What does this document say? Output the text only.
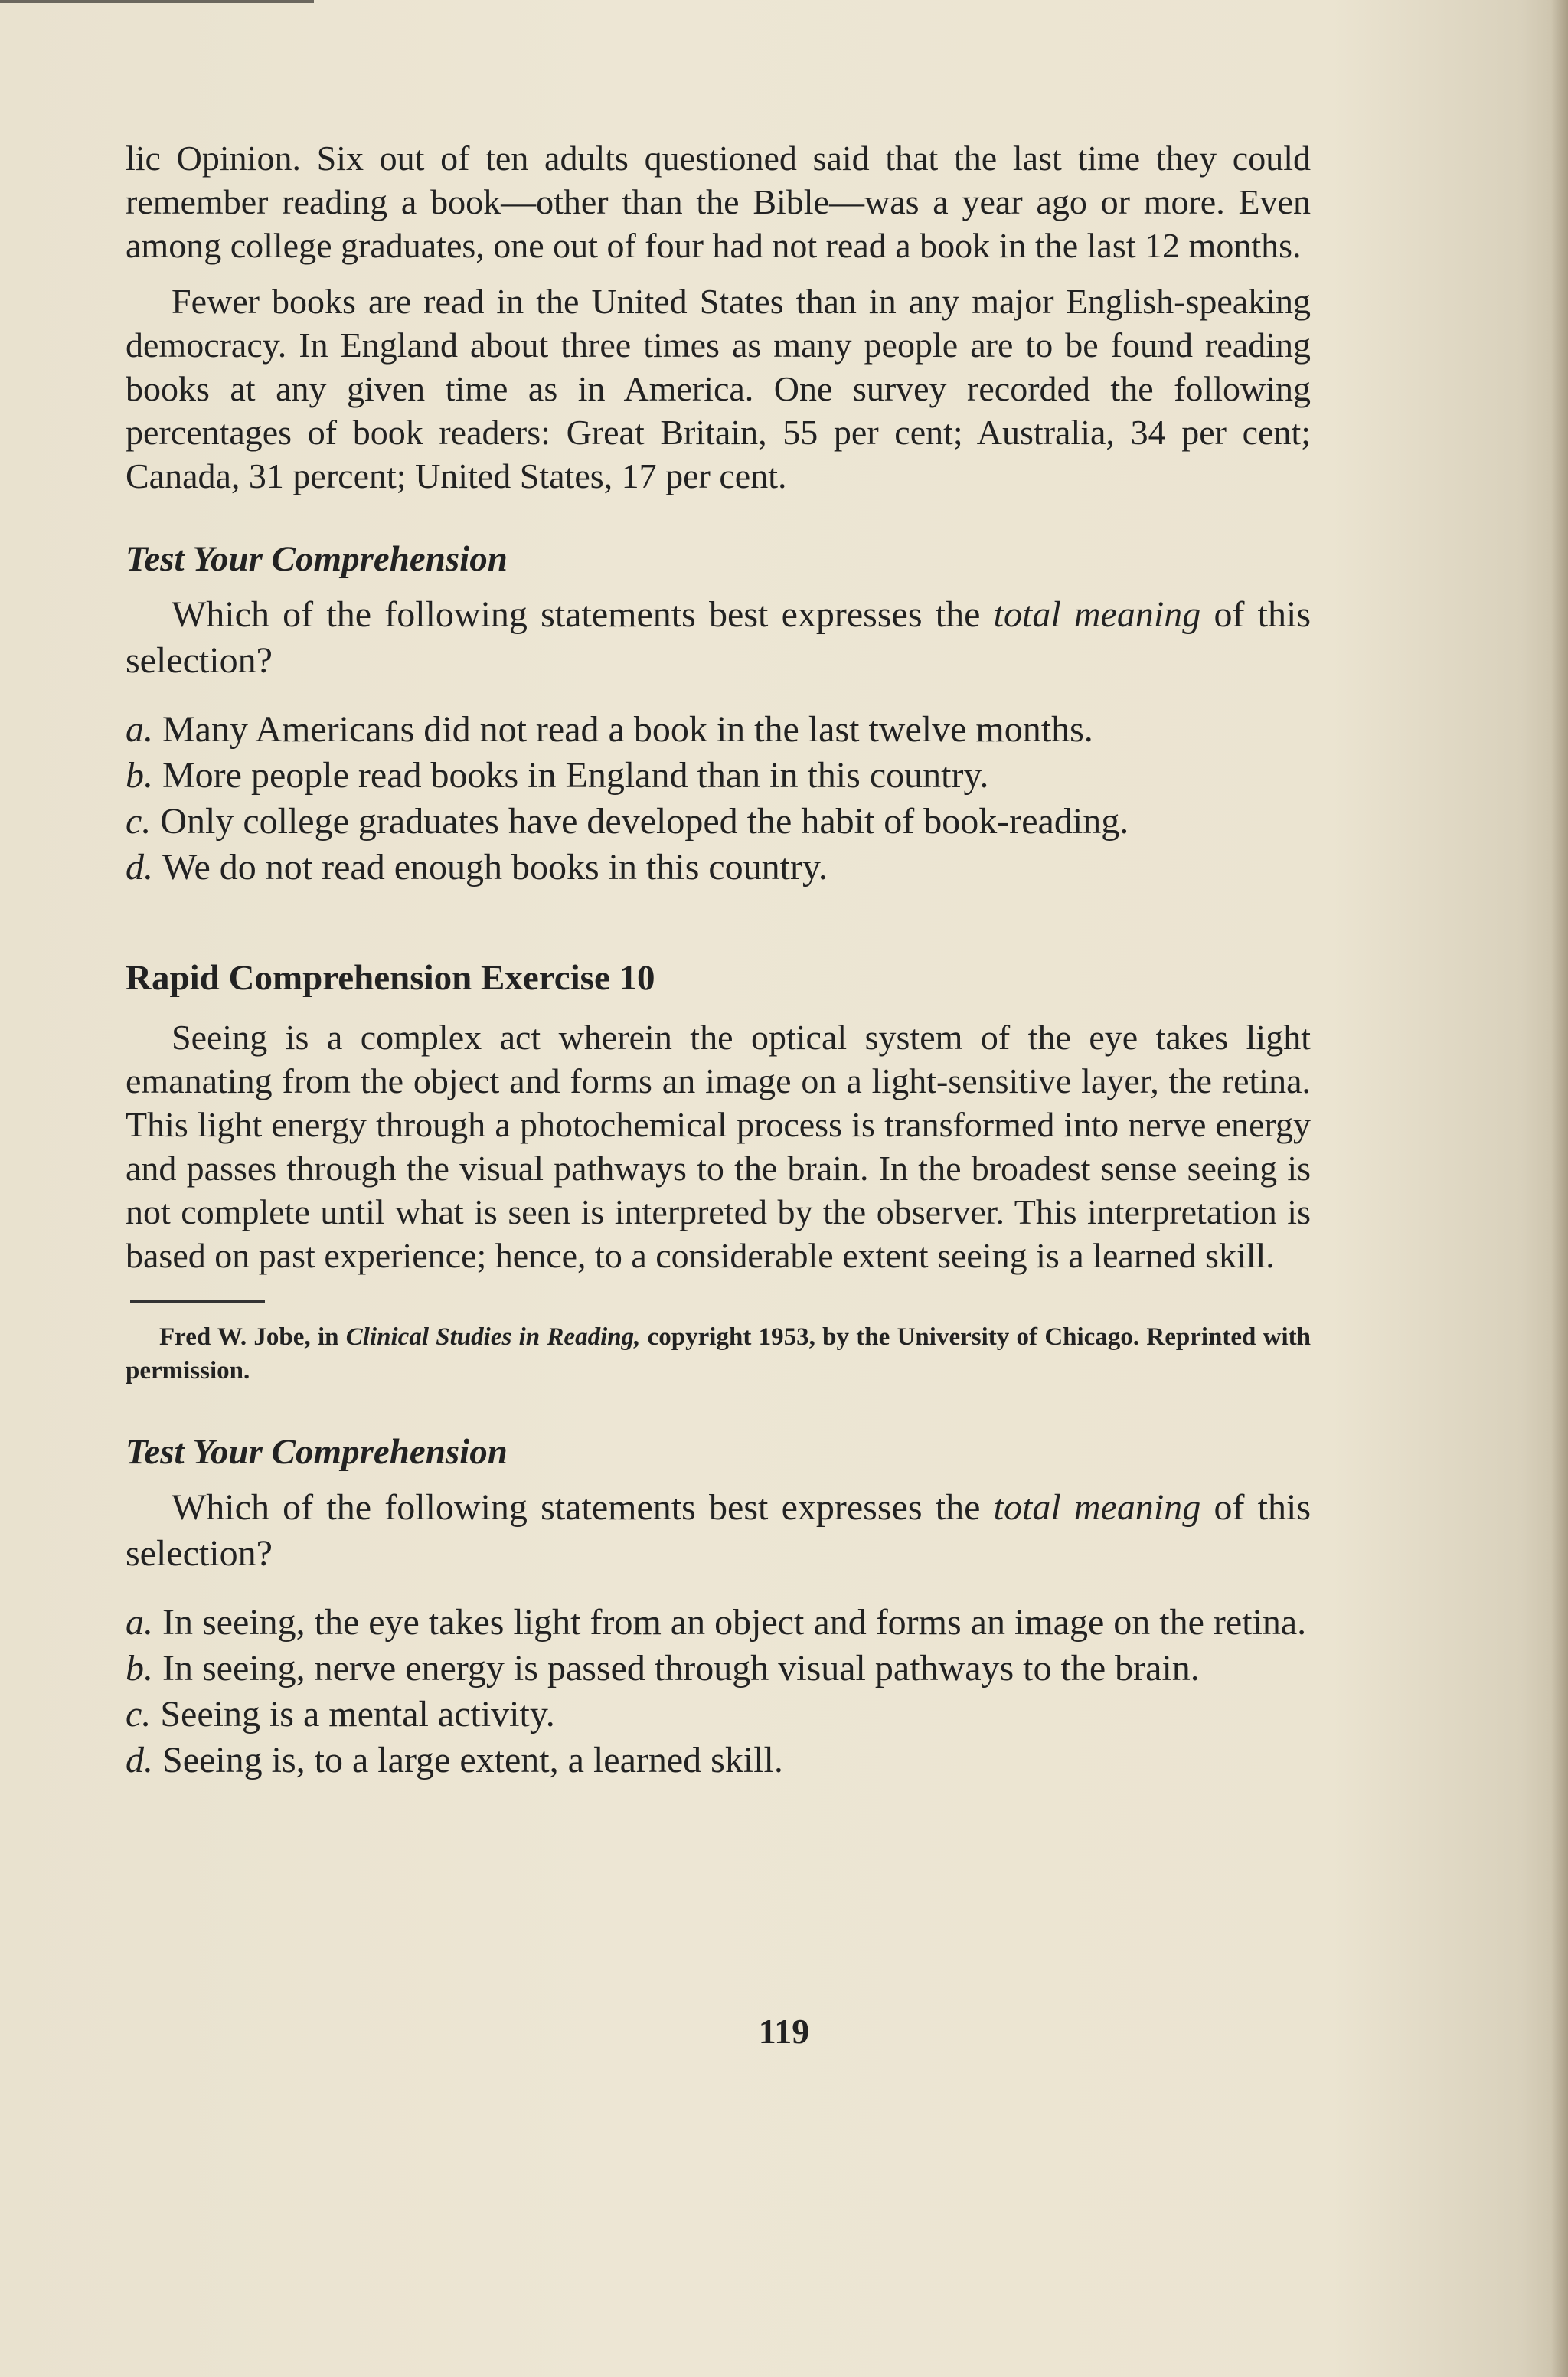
lic Opinion. Six out of ten adults questioned said that the last time they could remember reading a book—other than the Bible—was a year ago or more. Even among college graduates, one out of four had not read a book in the last 12 months.

Fewer books are read in the United States than in any major English-speaking democracy. In England about three times as many people are to be found reading books at any given time as in America. One survey recorded the following percentages of book readers: Great Britain, 55 per cent; Australia, 34 per cent; Canada, 31 percent; United States, 17 per cent.

Test Your Comprehension

Which of the following statements best expresses the total meaning of this selection?

a. Many Americans did not read a book in the last twelve months.
b. More people read books in England than in this country.
c. Only college graduates have developed the habit of book-reading.
d. We do not read enough books in this country.
Rapid Comprehension Exercise 10

Seeing is a complex act wherein the optical system of the eye takes light emanating from the object and forms an image on a light-sensitive layer, the retina. This light energy through a photochemical process is transformed into nerve energy and passes through the visual pathways to the brain. In the broadest sense seeing is not complete until what is seen is interpreted by the observer. This interpretation is based on past experience; hence, to a considerable extent seeing is a learned skill.

Fred W. Jobe, in Clinical Studies in Reading, copyright 1953, by the University of Chicago. Reprinted with permission.

Test Your Comprehension

Which of the following statements best expresses the total meaning of this selection?

a. In seeing, the eye takes light from an object and forms an image on the retina.
b. In seeing, nerve energy is passed through visual pathways to the brain.
c. Seeing is a mental activity.
d. Seeing is, to a large extent, a learned skill.
119
